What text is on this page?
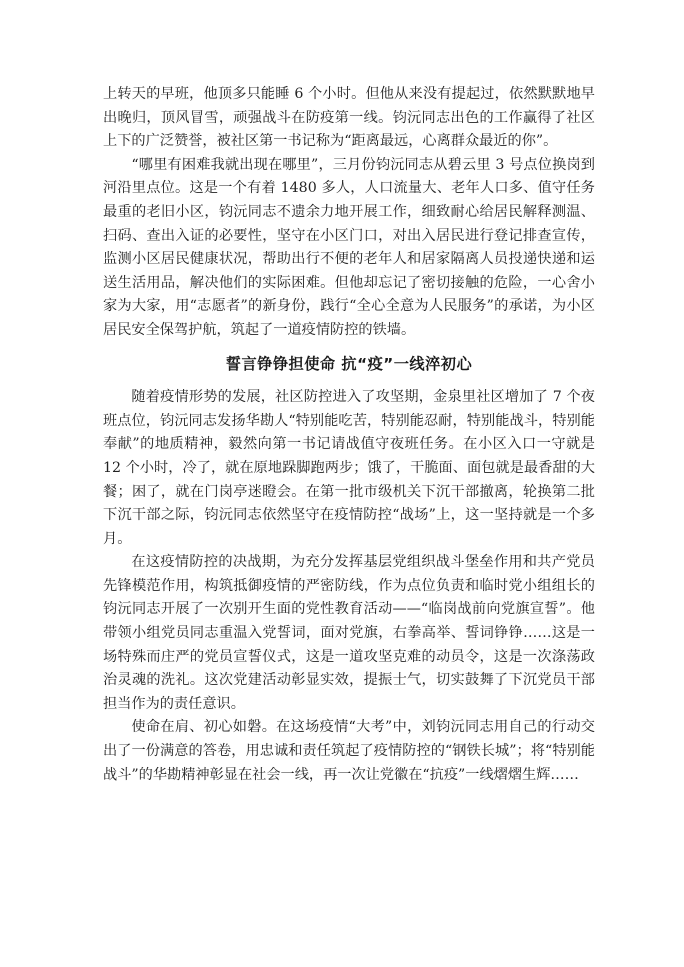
上转天的早班，他顶多只能睡 6 个小时。但他从来没有提起过，依然默默地早出晚归，顶风冒雪，顽强战斗在防疫第一线。钧沅同志出色的工作赢得了社区上下的广泛赞誉，被社区第一书记称为“距离最远，心离群众最近的你”。

“哪里有困难我就出现在哪里”，三月份钧沅同志从碧云里 3 号点位换岗到河沿里点位。这是一个有着 1480 多人，人口流量大、老年人口多、值守任务最重的老旧小区，钧沅同志不遗余力地开展工作，细致耐心给居民解释测温、扫码、查出入证的必要性，坚守在小区门口，对出入居民进行登记排查宣传，监测小区居民健康状况，帮助出行不便的老年人和居家隔离人员投递快递和运送生活用品，解决他们的实际困难。但他却忘记了密切接触的危险，一心舍小家为大家，用“志愿者”的新身份，践行“全心全意为人民服务”的承诺，为小区居民安全保驾护航，筑起了一道疫情防控的铁墙。

誓言铮铮担使命 抗“疫”一线淬初心

随着疫情形势的发展，社区防控进入了攻坚期，金泉里社区增加了 7 个夜班点位，钧沅同志发扬华勘人“特别能吃苦，特别能忍耐，特别能战斗，特别能奉献”的地质精神，毅然向第一书记请战值守夜班任务。在小区入口一守就是 12 个小时，冷了，就在原地跺脚跑两步；饿了，干脆面、面包就是最香甜的大餐；困了，就在门岗亭迷瞪会。在第一批市级机关下沉干部撤离，轮换第二批下沉干部之际，钧沅同志依然坚守在疫情防控“战场”上，这一坚持就是一个多月。

在这疫情防控的决战期，为充分发挥基层党组织战斗堡垒作用和共产党员先锋模范作用，构筑抵御疫情的严密防线，作为点位负责和临时党小组组长的钧沅同志开展了一次别开生面的党性教育活动——“临岗战前向党旗宣誓”。他带领小组党员同志重温入党誓词，面对党旗，右拳高举、誓词铮铮……这是一场特殊而庄严的党员宣誓仪式，这是一道攻坚克难的动员令，这是一次涤荡政治灵魂的洗礼。这次党建活动彰显实效，提振士气，切实鼓舞了下沉党员干部担当作为的责任意识。

使命在肩、初心如磐。在这场疫情“大考”中，刘钧沅同志用自己的行动交出了一份满意的答卷，用忠诚和责任筑起了疫情防控的“钢铁长城”；将“特别能战斗”的华勘精神彰显在社会一线，再一次让党徽在“抗疫”一线熠熠生辉……
